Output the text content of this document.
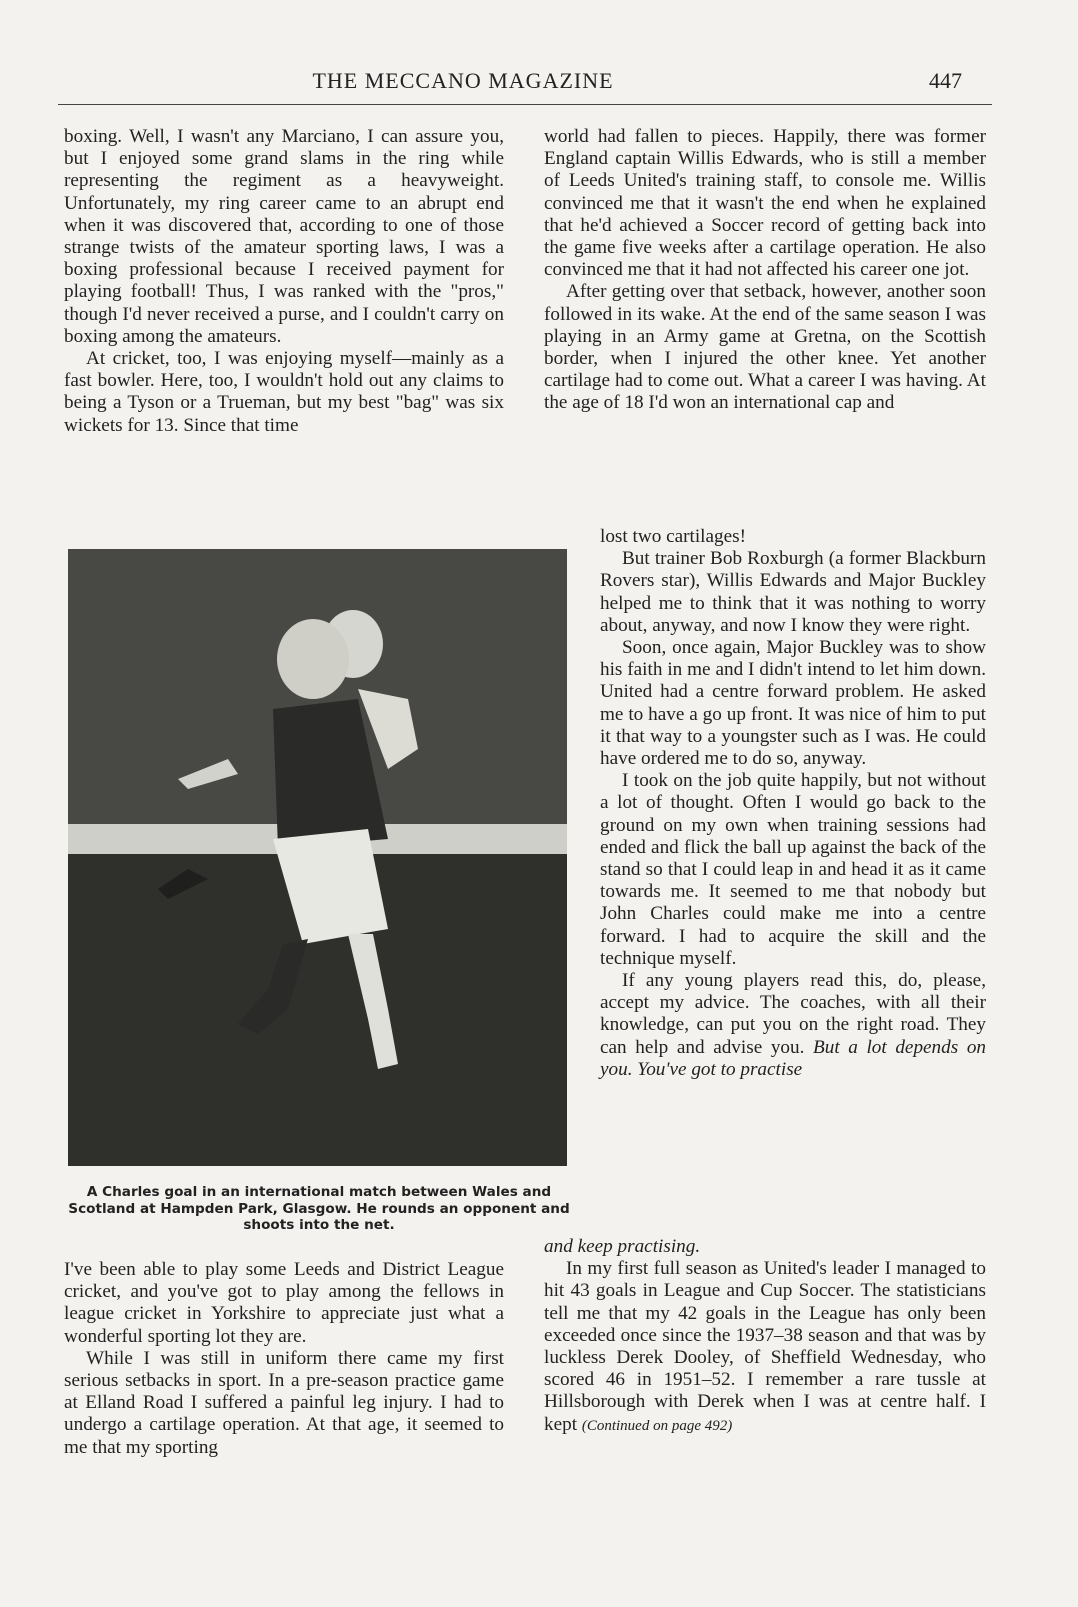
THE MECCANO MAGAZINE	447

boxing. Well, I wasn't any Marciano, I can assure you, but I enjoyed some grand slams in the ring while representing the regiment as a heavyweight. Unfortunately, my ring career came to an abrupt end when it was discovered that, according to one of those strange twists of the amateur sporting laws, I was a boxing professional because I received payment for playing football! Thus, I was ranked with the "pros," though I'd never received a purse, and I couldn't carry on boxing among the amateurs.

At cricket, too, I was enjoying myself—mainly as a fast bowler. Here, too, I wouldn't hold out any claims to being a Tyson or a Trueman, but my best "bag" was six wickets for 13. Since that time

A Charles goal in an international match between Wales and Scotland at Hampden Park, Glasgow. He rounds an opponent and shoots into the net.

I've been able to play some Leeds and District League cricket, and you've got to play among the fellows in league cricket in Yorkshire to appreciate just what a wonderful sporting lot they are.

While I was still in uniform there came my first serious setbacks in sport. In a pre-season practice game at Elland Road I suffered a painful leg injury. I had to undergo a cartilage operation. At that age, it seemed to me that my sporting

world had fallen to pieces. Happily, there was former England captain Willis Edwards, who is still a member of Leeds United's training staff, to console me. Willis convinced me that it wasn't the end when he explained that he'd achieved a Soccer record of getting back into the game five weeks after a cartilage operation. He also convinced me that it had not affected his career one jot.

After getting over that setback, however, another soon followed in its wake. At the end of the same season I was playing in an Army game at Gretna, on the Scottish border, when I injured the other knee. Yet another cartilage had to come out. What a career I was having. At the age of 18 I'd won an international cap and

lost two cartilages!

But trainer Bob Roxburgh (a former Blackburn Rovers star), Willis Edwards and Major Buckley helped me to think that it was nothing to worry about, anyway, and now I know they were right.

Soon, once again, Major Buckley was to show his faith in me and I didn't intend to let him down. United had a centre forward problem. He asked me to have a go up front. It was nice of him to put it that way to a youngster such as I was. He could have ordered me to do so, anyway.

I took on the job quite happily, but not without a lot of thought. Often I would go back to the ground on my own when training sessions had ended and flick the ball up against the back of the stand so that I could leap in and head it as it came towards me. It seemed to me that nobody but John Charles could make me into a centre forward. I had to acquire the skill and the technique myself.

If any young players read this, do, please, accept my advice. The coaches, with all their knowledge, can put you on the right road. They can help and advise you. But a lot depends on you. You've got to practise

and keep practising.

In my first full season as United's leader I managed to hit 43 goals in League and Cup Soccer. The statisticians tell me that my 42 goals in the League has only been exceeded once since the 1937–38 season and that was by luckless Derek Dooley, of Sheffield Wednesday, who scored 46 in 1951–52. I remember a rare tussle at Hillsborough with Derek when I was at centre half. I kept (Continued on page 492)
